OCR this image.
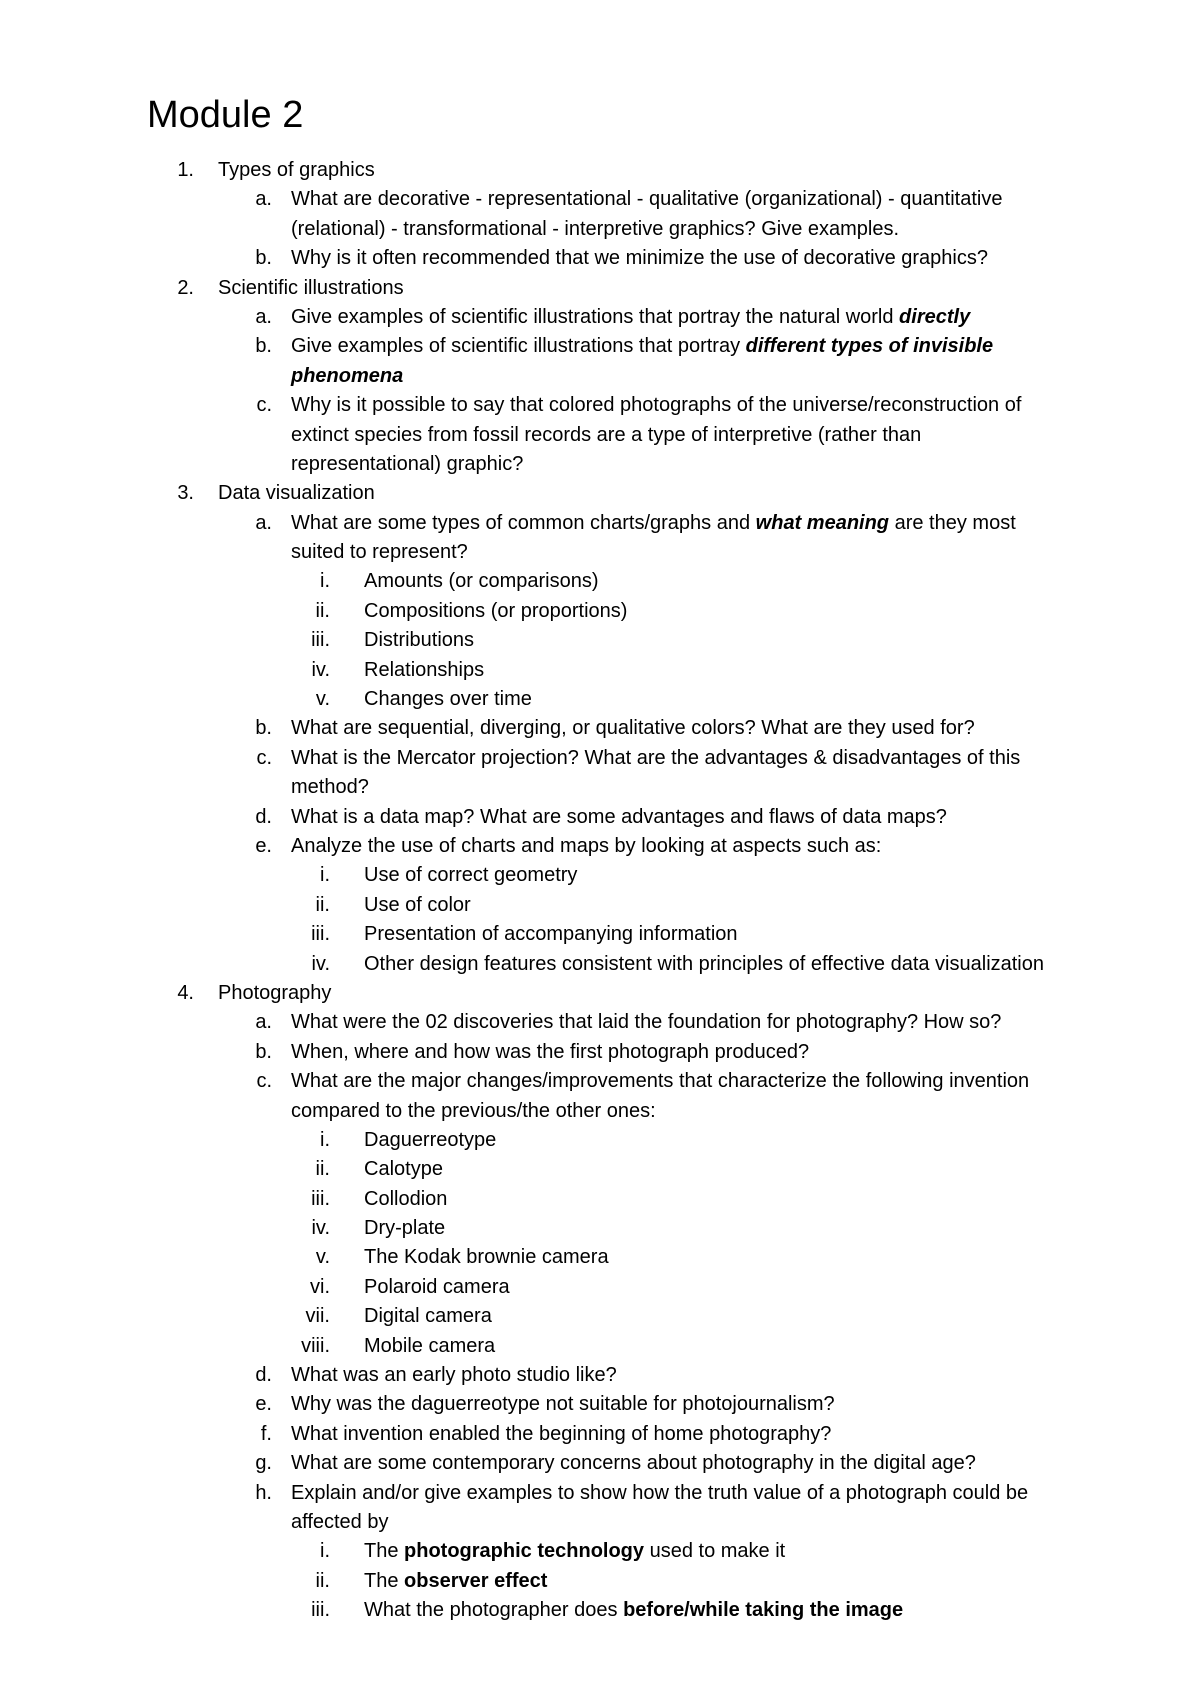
Module 2
1. Types of graphics
a. What are decorative - representational - qualitative (organizational) - quantitative
(relational) - transformational - interpretive graphics? Give examples.
b. Why is it often recommended that we minimize the use of decorative graphics?
2. Scientific illustrations
a. Give examples of scientific illustrations that portray the natural world directly
b. Give examples of scientific illustrations that portray different types of invisible
phenomena
c. Why is it possible to say that colored photographs of the universe/reconstruction of
extinct species from fossil records are a type of interpretive (rather than
representational) graphic?
3. Data visualization
a. What are some types of common charts/graphs and what meaning are they most
suited to represent?
i. Amounts (or comparisons)
ii. Compositions (or proportions)
iii. Distributions
iv. Relationships
v. Changes over time
b. What are sequential, diverging, or qualitative colors? What are they used for?
c. What is the Mercator projection? What are the advantages & disadvantages of this
method?
d. What is a data map? What are some advantages and flaws of data maps?
e. Analyze the use of charts and maps by looking at aspects such as:
i. Use of correct geometry
ii. Use of color
iii. Presentation of accompanying information
iv. Other design features consistent with principles of effective data visualization
4. Photography
a. What were the 02 discoveries that laid the foundation for photography? How so?
b. When, where and how was the first photograph produced?
c. What are the major changes/improvements that characterize the following invention
compared to the previous/the other ones:
i. Daguerreotype
ii. Calotype
iii. Collodion
iv. Dry-plate
v. The Kodak brownie camera
vi. Polaroid camera
vii. Digital camera
viii. Mobile camera
d. What was an early photo studio like?
e. Why was the daguerreotype not suitable for photojournalism?
f. What invention enabled the beginning of home photography?
g. What are some contemporary concerns about photography in the digital age?
h. Explain and/or give examples to show how the truth value of a photograph could be
affected by
i. The photographic technology used to make it
ii. The observer effect
iii. What the photographer does before/while taking the image
